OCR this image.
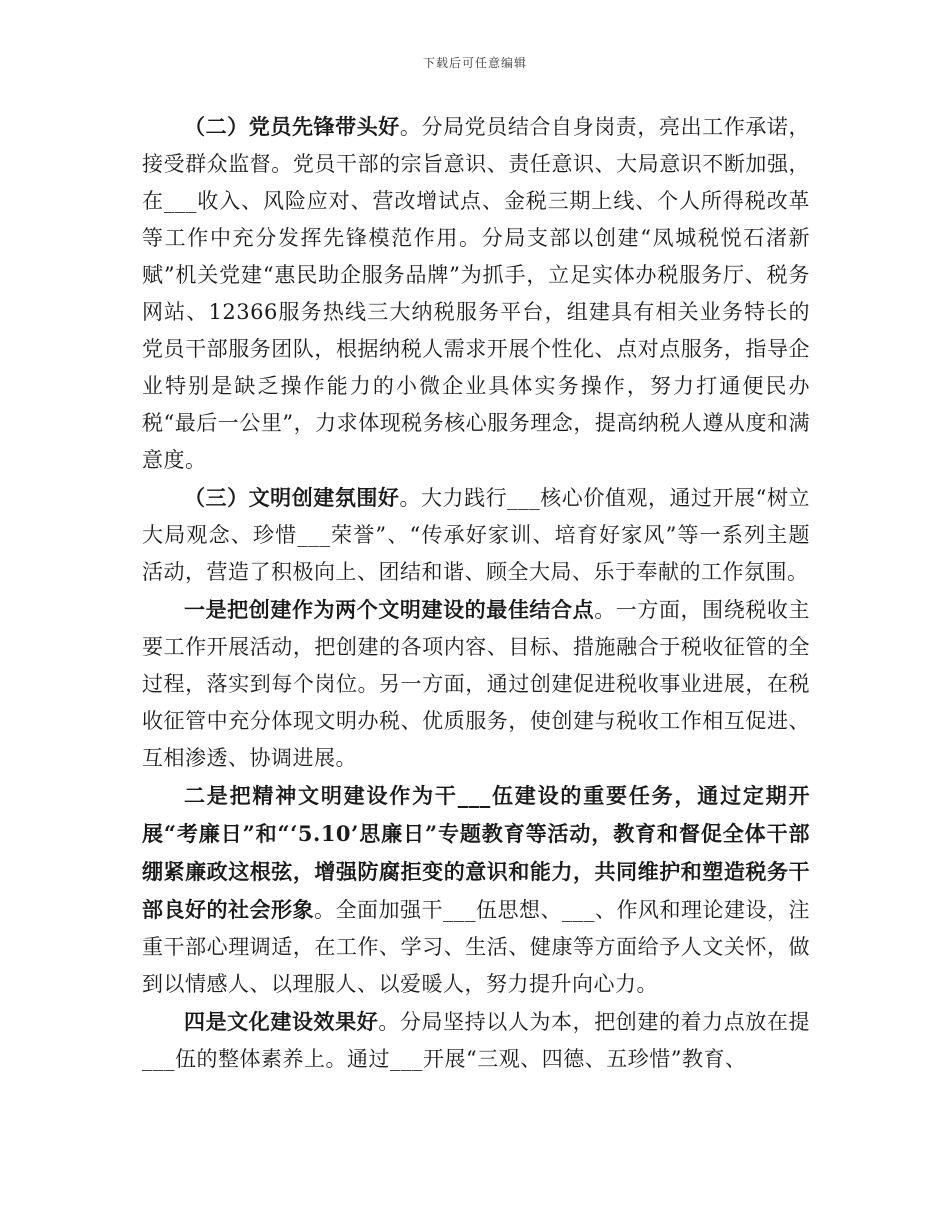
下载后可任意编辑

（二）党员先锋带头好。分局党员结合自身岗责，亮出工作承诺，接受群众监督。党员干部的宗旨意识、责任意识、大局意识不断加强，在___收入、风险应对、营改增试点、金税三期上线、个人所得税改革等工作中充分发挥先锋模范作用。分局支部以创建“凤城税悦石渚新赋”机关党建“惠民助企服务品牌”为抓手，立足实体办税服务厅、税务网站、12366服务热线三大纳税服务平台，组建具有相关业务特长的党员干部服务团队，根据纳税人需求开展个性化、点对点服务，指导企业特别是缺乏操作能力的小微企业具体实务操作，努力打通便民办税“最后一公里”，力求体现税务核心服务理念，提高纳税人遵从度和满意度。

（三）文明创建氛围好。大力践行___核心价值观，通过开展“树立大局观念、珍惜___荣誉”、“传承好家训、培育好家风”等一系列主题活动，营造了积极向上、团结和谐、顾全大局、乐于奉献的工作氛围。

一是把创建作为两个文明建设的最佳结合点。一方面，围绕税收主要工作开展活动，把创建的各项内容、目标、措施融合于税收征管的全过程，落实到每个岗位。另一方面，通过创建促进税收事业进展，在税收征管中充分体现文明办税、优质服务，使创建与税收工作相互促进、互相渗透、协调进展。

二是把精神文明建设作为干___伍建设的重要任务，通过定期开展“考廉日”和“‘5.10’思廉日”专题教育等活动，教育和督促全体干部绷紧廉政这根弦，增强防腐拒变的意识和能力，共同维护和塑造税务干部良好的社会形象。全面加强干___伍思想、___、作风和理论建设，注重干部心理调适，在工作、学习、生活、健康等方面给予人文关怀，做到以情感人、以理服人、以爱暖人，努力提升向心力。

四是文化建设效果好。分局坚持以人为本，把创建的着力点放在提___伍的整体素养上。通过___开展“三观、四德、五珍惜”教育、
